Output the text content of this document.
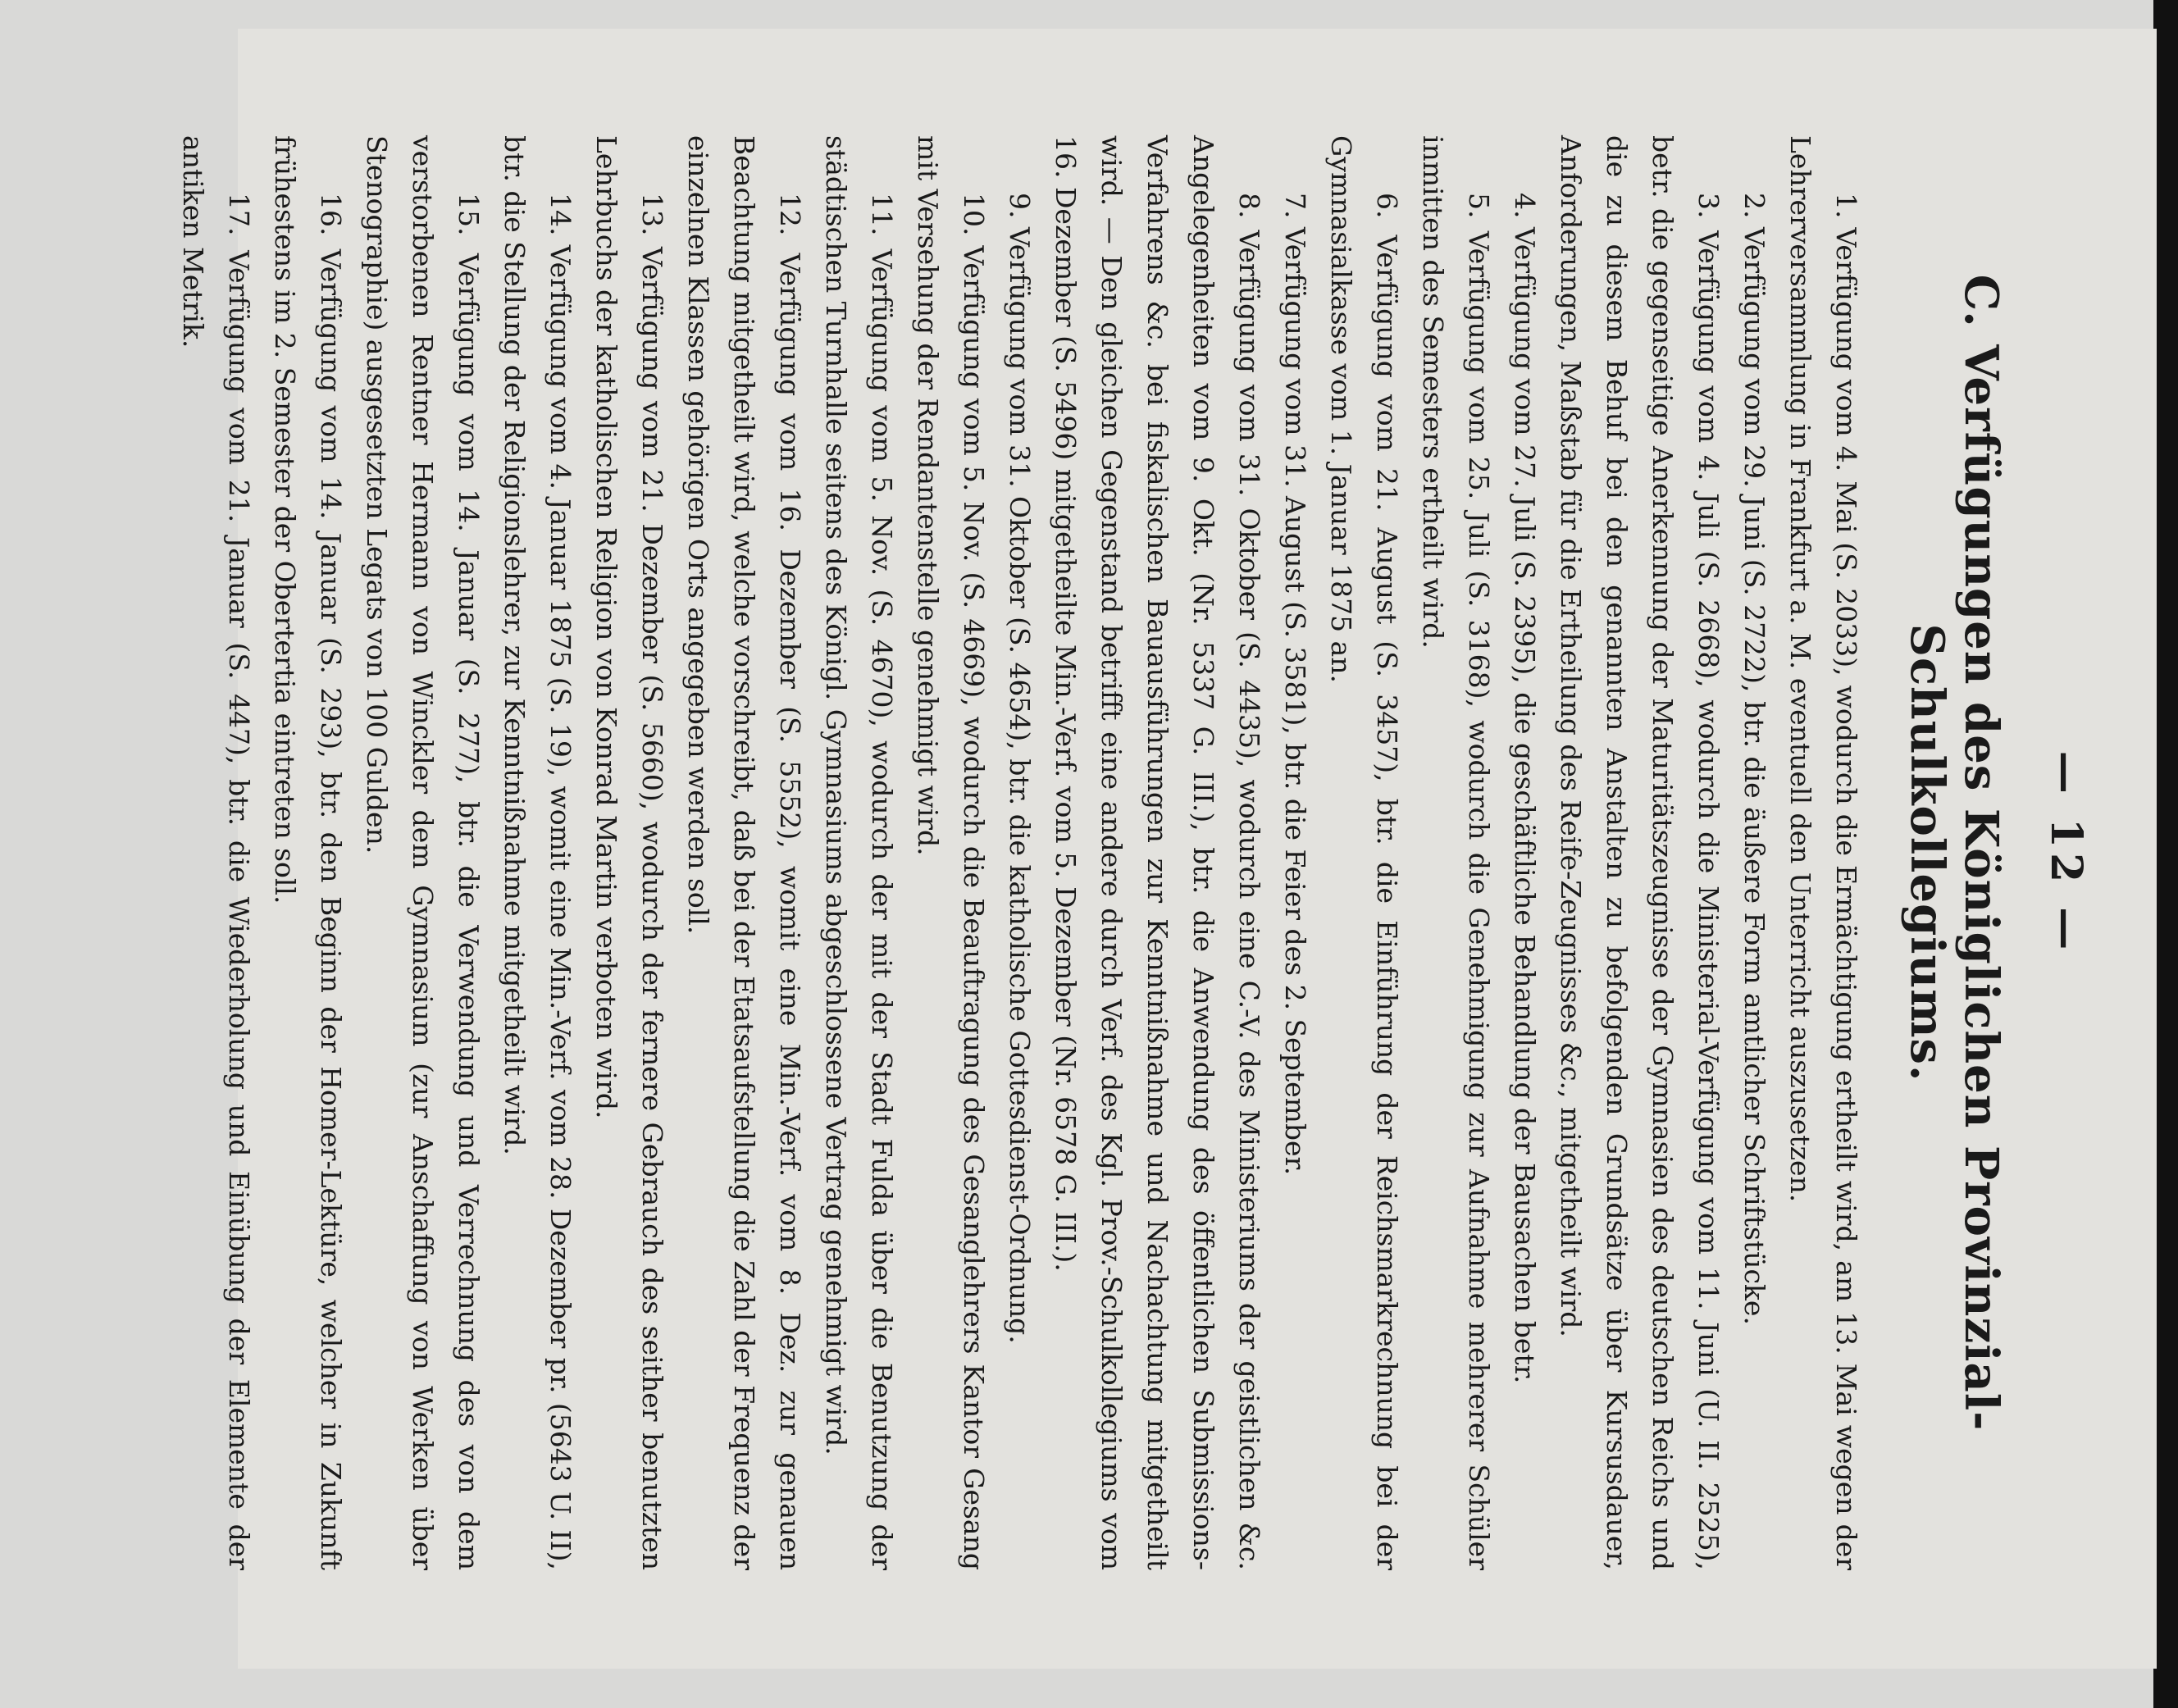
— 12 —
C. Verfügungen des Königlichen Provinzial-Schulkollegiums.

1. Verfügung vom 4. Mai (S. 2033), wodurch die Ermächtigung ertheilt wird, am 13. Mai wegen der Lehrerversammlung in Frankfurt a. M. eventuell den Unterricht auszusetzen.

2. Verfügung vom 29. Juni (S. 2722), btr. die äußere Form amtlicher Schriftstücke.

3. Verfügung vom 4. Juli (S. 2668), wodurch die Ministerial-Verfügung vom 11. Juni (U. II. 2525), betr. die gegenseitige Anerkennung der Maturitätszeugnisse der Gymnasien des deutschen Reichs und die zu diesem Behuf bei den genannten Anstalten zu befolgenden Grundsätze über Kursusdauer, Anforderungen, Maßstab für die Ertheilung des Reife-Zeugnisses &c., mitgetheilt wird.

4. Verfügung vom 27. Juli (S. 2395), die geschäftliche Behandlung der Bausachen betr.

5. Verfügung vom 25. Juli (S. 3168), wodurch die Genehmigung zur Aufnahme mehrerer Schüler inmitten des Semesters ertheilt wird.

6. Verfügung vom 21. August (S. 3457), btr. die Einführung der Reichsmarkrechnung bei der Gymnasialkasse vom 1. Januar 1875 an.

7. Verfügung vom 31. August (S. 3581), btr. die Feier des 2. September.

8. Verfügung vom 31. Oktober (S. 4435), wodurch eine C.-V. des Ministeriums der geistlichen &c. Angelegenheiten vom 9. Okt. (Nr. 5337 G. III.), btr. die Anwendung des öffentlichen Submissions-Verfahrens &c. bei fiskalischen Bauausführungen zur Kenntnißnahme und Nachachtung mitgetheilt wird. — Den gleichen Gegenstand betrifft eine andere durch Verf. des Kgl. Prov.-Schulkollegiums vom 16. Dezember (S. 5496) mitgetheilte Min.-Verf. vom 5. Dezember (Nr. 6578 G. III.).

9. Verfügung vom 31. Oktober (S. 4654), btr. die katholische Gottesdienst-Ordnung.

10. Verfügung vom 5. Nov. (S. 4669), wodurch die Beauftragung des Gesanglehrers Kantor Gesang mit Versehung der Rendantenstelle genehmigt wird.

11. Verfügung vom 5. Nov. (S. 4670), wodurch der mit der Stadt Fulda über die Benutzung der städtischen Turnhalle seitens des Königl. Gymnasiums abgeschlossene Vertrag genehmigt wird.

12. Verfügung vom 16. Dezember (S. 5552), womit eine Min.-Verf. vom 8. Dez. zur genauen Beachtung mitgetheilt wird, welche vorschreibt, daß bei der Etatsaufstellung die Zahl der Frequenz der einzelnen Klassen gehörigen Orts angegeben werden soll.

13. Verfügung vom 21. Dezember (S. 5660), wodurch der fernere Gebrauch des seither benutzten Lehrbuchs der katholischen Religion von Konrad Martin verboten wird.

14. Verfügung vom 4. Januar 1875 (S. 19), womit eine Min.-Verf. vom 28. Dezember pr. (5643 U. II), btr. die Stellung der Religionslehrer, zur Kenntnißnahme mitgetheilt wird.

15. Verfügung vom 14. Januar (S. 277), btr. die Verwendung und Verrechnung des von dem verstorbenen Rentner Hermann von Winckler dem Gymnasium (zur Anschaffung von Werken über Stenographie) ausgesetzten Legats von 100 Gulden.

16. Verfügung vom 14. Januar (S. 293), btr. den Beginn der Homer-Lektüre, welcher in Zukunft frühestens im 2. Semester der Obertertia eintreten soll.

17. Verfügung vom 21. Januar (S. 447), btr. die Wiederholung und Einübung der Elemente der antiken Metrik.
